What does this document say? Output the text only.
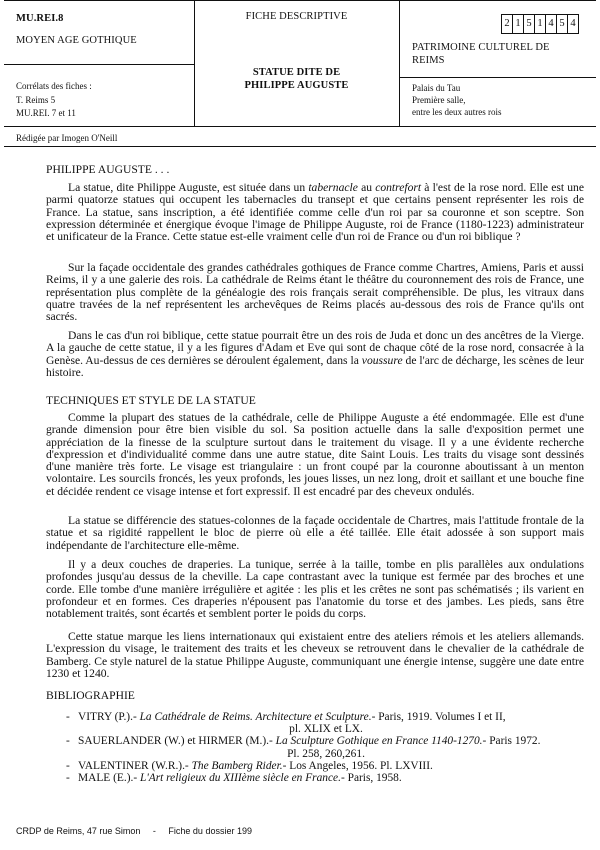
MU.REI.8
MOYEN AGE GOTHIQUE
Corrélats des fiches :
T. Reims 5
MU.REI. 7 et 11
FICHE DESCRIPTIVE
STATUE DITE DE
PHILIPPE AUGUSTE
2 1 5 1 4 5 4
PATRIMOINE CULTUREL DE REIMS
Palais du Tau
Première salle,
entre les deux autres rois
Rédigée par Imogen O'Neill
PHILIPPE AUGUSTE . . .

La statue, dite Philippe Auguste, est située dans un tabernacle au contrefort à l'est de la rose nord. Elle est une parmi quatorze statues qui occupent les tabernacles du transept et que certains pensent représenter les rois de France. La statue, sans inscription, a été identifiée comme celle d'un roi par sa couronne et son sceptre. Son expression déterminée et énergique évoque l'image de Philippe Auguste, roi de France (1180-1223) administrateur et unificateur de la France. Cette statue est-elle vraiment celle d'un roi de France ou d'un roi biblique ?

Sur la façade occidentale des grandes cathédrales gothiques de France comme Chartres, Amiens, Paris et aussi Reims, il y a une galerie des rois. La cathédrale de Reims étant le théâtre du couronnement des rois de France, une représentation plus complète de la généalogie des rois français serait compréhensible. De plus, les vitraux dans quatre travées de la nef représentent les archevêques de Reims placés au-dessous des rois de France qu'ils ont sacrés.

Dans le cas d'un roi biblique, cette statue pourrait être un des rois de Juda et donc un des ancêtres de la Vierge. A la gauche de cette statue, il y a les figures d'Adam et Eve qui sont de chaque côté de la rose nord, consacrée à la Genèse. Au-dessus de ces dernières se déroulent également, dans la voussure de l'arc de décharge, les scènes de leur histoire.

TECHNIQUES ET STYLE DE LA STATUE

Comme la plupart des statues de la cathédrale, celle de Philippe Auguste a été endommagée. Elle est d'une grande dimension pour être bien visible du sol. Sa position actuelle dans la salle d'exposition permet une appréciation de la finesse de la sculpture surtout dans le traitement du visage. Il y a une évidente recherche d'expression et d'individualité comme dans une autre statue, dite Saint Louis. Les traits du visage sont dessinés d'une manière très forte. Le visage est triangulaire : un front coupé par la couronne aboutissant à un menton volontaire. Les sourcils froncés, les yeux profonds, les joues lisses, un nez long, droit et saillant et une bouche fine et décidée rendent ce visage intense et fort expressif. Il est encadré par des cheveux ondulés.

La statue se différencie des statues-colonnes de la façade occidentale de Chartres, mais l'attitude frontale de la statue et sa rigidité rappellent le bloc de pierre où elle a été taillée. Elle était adossée à son support mais indépendante de l'architecture elle-même.

Il y a deux couches de draperies. La tunique, serrée à la taille, tombe en plis parallèles aux ondulations profondes jusqu'au dessus de la cheville. La cape contrastant avec la tunique est fermée par des broches et une corde. Elle tombe d'une manière irrégulière et agitée : les plis et les crêtes ne sont pas schématisés ; ils varient en profondeur et en formes. Ces draperies n'épousent pas l'anatomie du torse et des jambes. Les pieds, sans être notablement traités, sont écartés et semblent porter le poids du corps.

Cette statue marque les liens internationaux qui existaient entre des ateliers rémois et les ateliers allemands. L'expression du visage, le traitement des traits et les cheveux se retrouvent dans le chevalier de la cathédrale de Bamberg. Ce style naturel de la statue Philippe Auguste, communiquant une énergie intense, suggère une date entre 1230 et 1240.

BIBLIOGRAPHIE
- VITRY (P.).- La Cathédrale de Reims. Architecture et Sculpture.- Paris, 1919. Volumes I et II,
pl. XLIX et LX.
- SAUERLANDER (W.) et HIRMER (M.).- La Sculpture Gothique en France 1140-1270.- Paris 1972.
Pl. 258, 260,261.
- VALENTINER (W.R.).- The Bamberg Rider.- Los Angeles, 1956. Pl. LXVIII.
- MALE (E.).- L'Art religieux du XIIIème siècle en France.- Paris, 1958.
CRDP de Reims, 47 rue Simon - Fiche du dossier 199
